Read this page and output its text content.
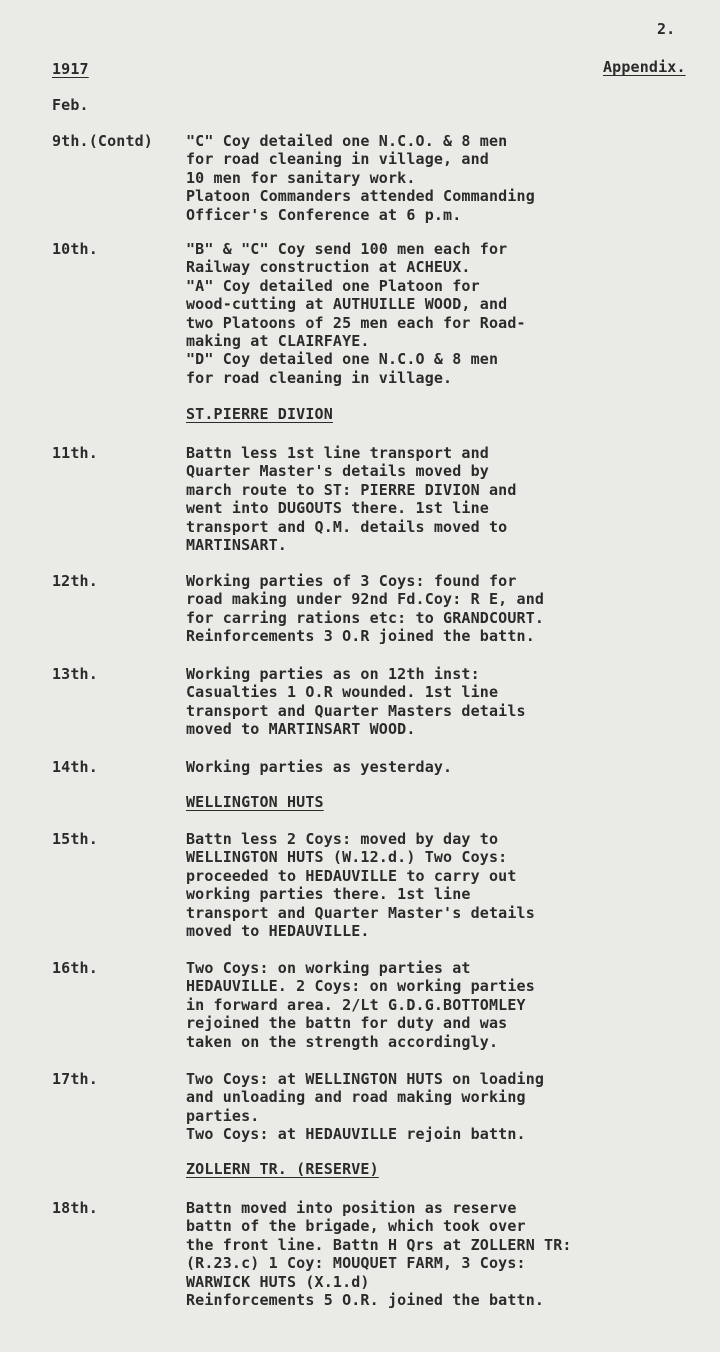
2.
1917	Appendix.
Feb.
9th.(Contd) "C" Coy detailed one N.C.O. & 8 men
for road cleaning in village, and
10 men for sanitary work.
Platoon Commanders attended Commanding
Officer's Conference at 6 p.m.
10th.	"B" & "C" Coy send 100 men each for
Railway construction at ACHEUX.
"A" Coy detailed one Platoon for
wood-cutting at AUTHUILLE WOOD, and
two Platoons of 25 men each for Road-
making at CLAIRFAYE.
"D" Coy detailed one N.C.O & 8 men
for road cleaning in village.
ST.PIERRE DIVION
11th.	Battn less 1st line transport and
Quarter Master's details moved by
march route to ST: PIERRE DIVION and
went into DUGOUTS there. 1st line
transport and Q.M. details moved to
MARTINSART.
12th.	Working parties of 3 Coys: found for
road making under 92nd Fd.Coy: R E, and
for carring rations etc: to GRANDCOURT.
Reinforcements 3 O.R joined the battn.
13th.	Working parties as on 12th inst:
Casualties 1 O.R wounded. 1st line
transport and Quarter Masters details
moved to MARTINSART WOOD.
14th.	Working parties as yesterday.
WELLINGTON HUTS
15th.	Battn less 2 Coys: moved by day to
WELLINGTON HUTS (W.12.d.) Two Coys:
proceeded to HEDAUVILLE to carry out
working parties there. 1st line
transport and Quarter Master's details
moved to HEDAUVILLE.
16th.	Two Coys: on working parties at
HEDAUVILLE. 2 Coys: on working parties
in forward area. 2/Lt G.D.G.BOTTOMLEY
rejoined the battn for duty and was
taken on the strength accordingly.
17th.	Two Coys: at WELLINGTON HUTS on loading
and unloading and road making working
parties.
Two Coys: at HEDAUVILLE rejoin battn.
ZOLLERN TR. (RESERVE)
18th.	Battn moved into position as reserve
battn of the brigade, which took over
the front line. Battn H Qrs at ZOLLERN TR:
(R.23.c) 1 Coy: MOUQUET FARM, 3 Coys:
WARWICK HUTS (X.1.d)
Reinforcements 5 O.R. joined the battn.
